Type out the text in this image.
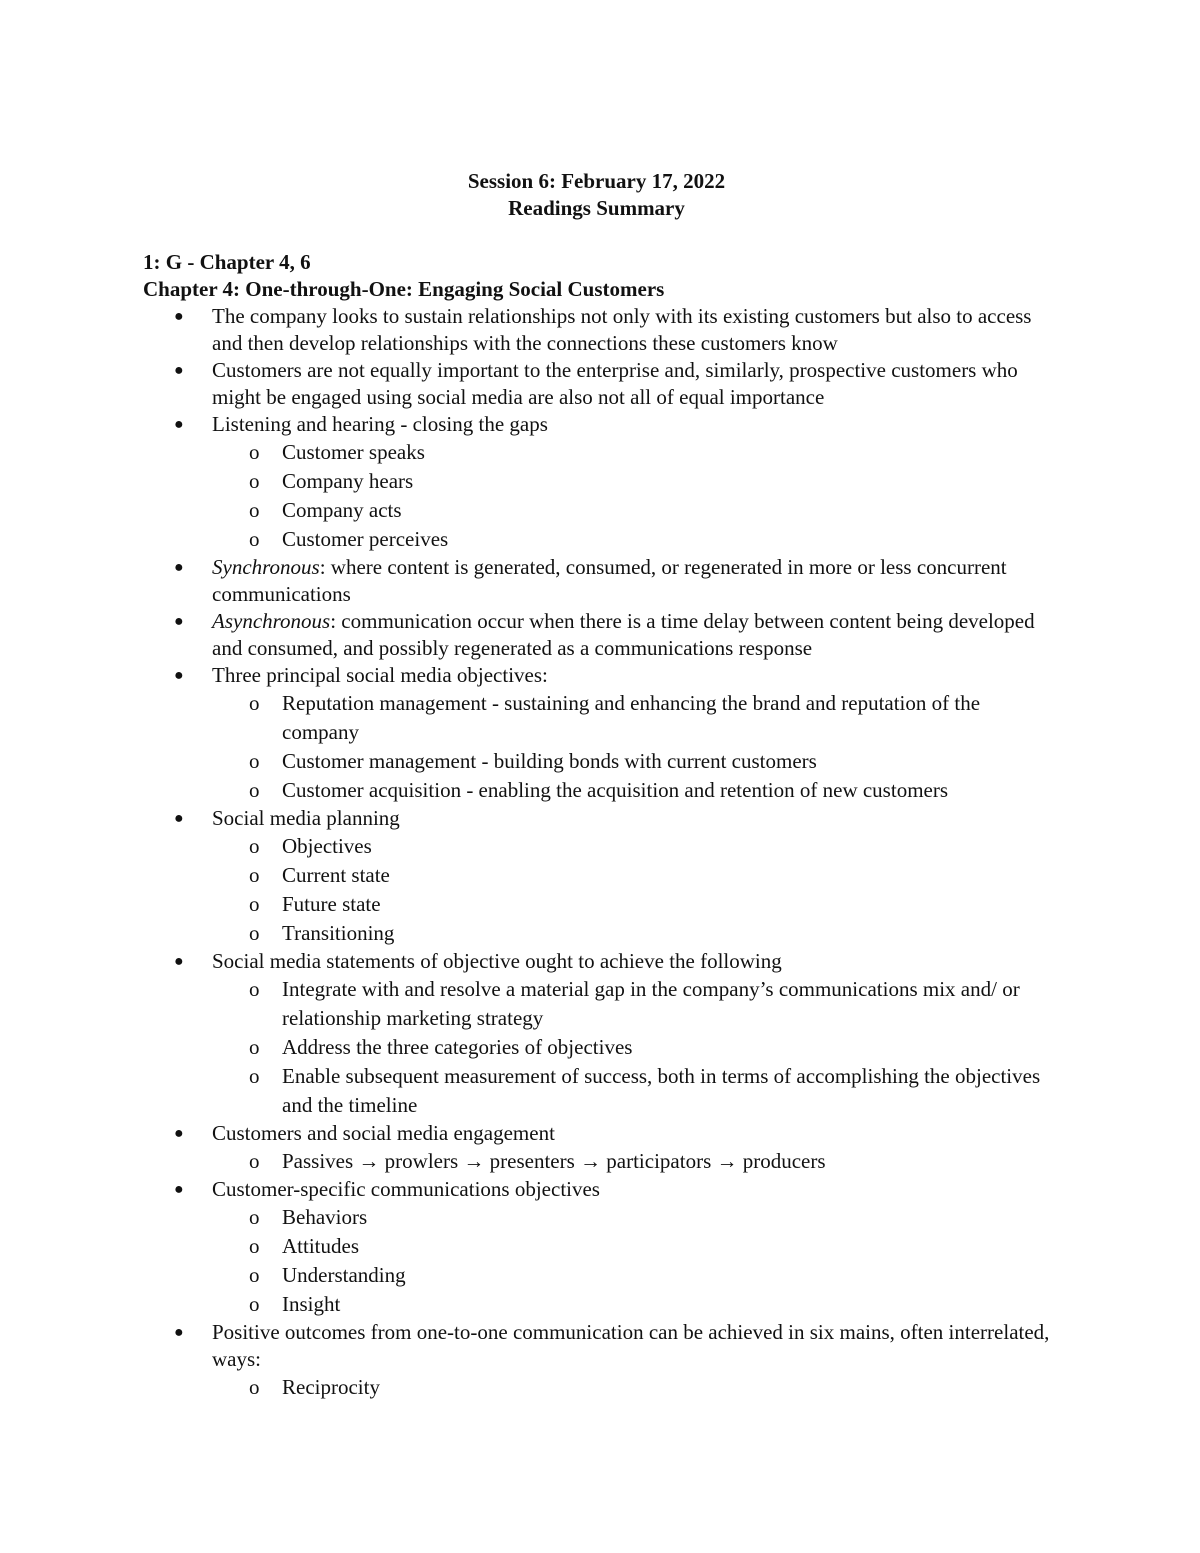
Session 6: February 17, 2022
Readings Summary
1: G - Chapter 4, 6
Chapter 4: One-through-One: Engaging Social Customers
●
The company looks to sustain relationships not only with its existing customers but also to access and then develop relationships with the connections these customers know
●
Customers are not equally important to the enterprise and, similarly, prospective customers who might be engaged using social media are also not all of equal importance
●
Listening and hearing - closing the gaps
o
Customer speaks
o
Company hears
o
Company acts
o
Customer perceives
●
Synchronous: where content is generated, consumed, or regenerated in more or less concurrent communications
●
Asynchronous: communication occur when there is a time delay between content being developed and consumed, and possibly regenerated as a communications response
●
Three principal social media objectives:
o
Reputation management - sustaining and enhancing the brand and reputation of the company
o
Customer management - building bonds with current customers
o
Customer acquisition - enabling the acquisition and retention of new customers
●
Social media planning
o
Objectives
o
Current state
o
Future state
o
Transitioning
●
Social media statements of objective ought to achieve the following
o
Integrate with and resolve a material gap in the company’s communications mix and/ or relationship marketing strategy
o
Address the three categories of objectives
o
Enable subsequent measurement of success, both in terms of accomplishing the objectives and the timeline
●
Customers and social media engagement
o
Passives → prowlers → presenters → participators → producers
●
Customer-specific communications objectives
o
Behaviors
o
Attitudes
o
Understanding
o
Insight
●
Positive outcomes from one-to-one communication can be achieved in six mains, often interrelated, ways:
o
Reciprocity
